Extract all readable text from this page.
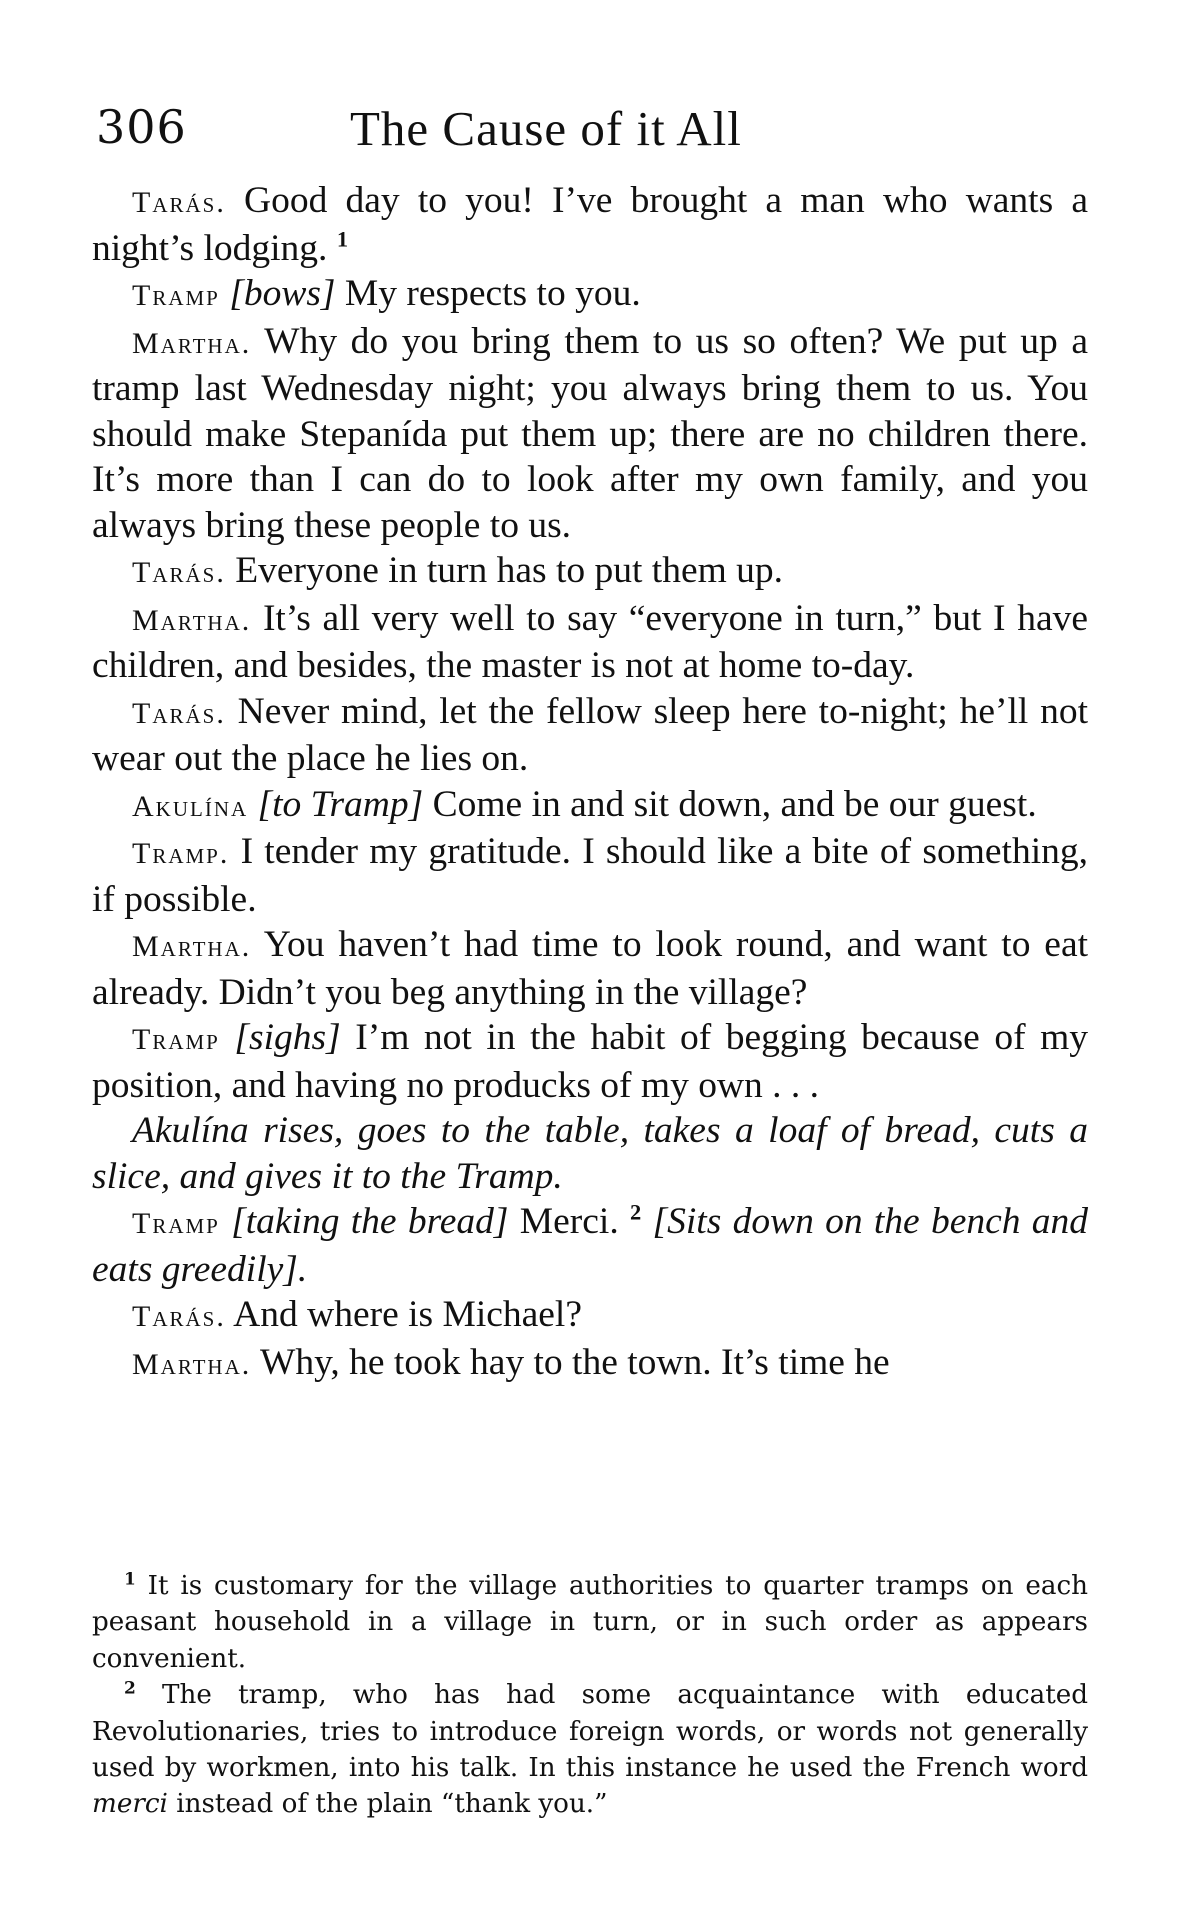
306	The Cause of it All

Tarás. Good day to you! I’ve brought a man who wants a night’s lodging. $^1$

Tramp [bows] My respects to you.

Martha. Why do you bring them to us so often? We put up a tramp last Wednesday night; you always bring them to us. You should make Stepanída put them up; there are no children there. It’s more than I can do to look after my own family, and you always bring these people to us.

Tarás. Everyone in turn has to put them up.

Martha. It’s all very well to say “everyone in turn,” but I have children, and besides, the master is not at home to-day.

Tarás. Never mind, let the fellow sleep here to-night; he’ll not wear out the place he lies on.

Akulína [to Tramp] Come in and sit down, and be our guest.

Tramp. I tender my gratitude. I should like a bite of something, if possible.

Martha. You haven’t had time to look round, and want to eat already. Didn’t you beg anything in the village?

Tramp [sighs] I’m not in the habit of begging because of my position, and having no producks of my own . . .

Akulína rises, goes to the table, takes a loaf of bread, cuts a slice, and gives it to the Tramp.

Tramp [taking the bread] Merci. $^2$ [Sits down on the bench and eats greedily].

Tarás. And where is Michael?

Martha. Why, he took hay to the town. It’s time he

$^1$ It is customary for the village authorities to quarter tramps on each peasant household in a village in turn, or in such order as appears convenient.

$^2$ The tramp, who has had some acquaintance with educated Revolutionaries, tries to introduce foreign words, or words not generally used by workmen, into his talk. In this instance he used the French word merci instead of the plain “thank you.”
